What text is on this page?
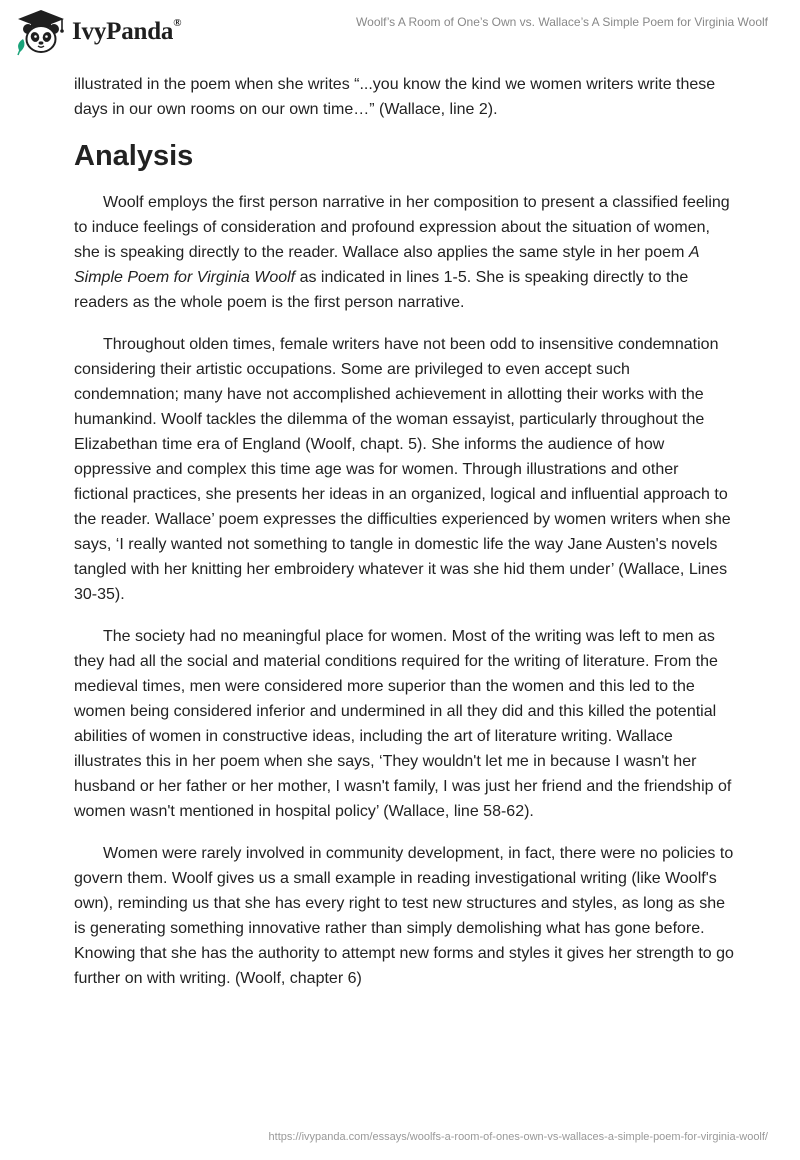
IvyPanda®	Woolf’s A Room of One’s Own vs. Wallace’s A Simple Poem for Virginia Woolf

illustrated in the poem when she writes “...you know the kind we women writers write these days in our own rooms on our own time…” (Wallace, line 2).

Analysis

Woolf employs the first person narrative in her composition to present a classified feeling to induce feelings of consideration and profound expression about the situation of women, she is speaking directly to the reader. Wallace also applies the same style in her poem A Simple Poem for Virginia Woolf as indicated in lines 1-5. She is speaking directly to the readers as the whole poem is the first person narrative.

Throughout olden times, female writers have not been odd to insensitive condemnation considering their artistic occupations. Some are privileged to even accept such condemnation; many have not accomplished achievement in allotting their works with the humankind. Woolf tackles the dilemma of the woman essayist, particularly throughout the Elizabethan time era of England (Woolf, chapt. 5). She informs the audience of how oppressive and complex this time age was for women. Through illustrations and other fictional practices, she presents her ideas in an organized, logical and influential approach to the reader. Wallace’ poem expresses the difficulties experienced by women writers when she says, ‘I really wanted not something to tangle in domestic life the way Jane Austen's novels tangled with her knitting her embroidery whatever it was she hid them under’ (Wallace, Lines 30-35).

The society had no meaningful place for women. Most of the writing was left to men as they had all the social and material conditions required for the writing of literature. From the medieval times, men were considered more superior than the women and this led to the women being considered inferior and undermined in all they did and this killed the potential abilities of women in constructive ideas, including the art of literature writing. Wallace illustrates this in her poem when she says, ‘They wouldn't let me in because I wasn't her husband or her father or her mother, I wasn't family, I was just her friend and the friendship of women wasn't mentioned in hospital policy’ (Wallace, line 58-62).

Women were rarely involved in community development, in fact, there were no policies to govern them. Woolf gives us a small example in reading investigational writing (like Woolf's own), reminding us that she has every right to test new structures and styles, as long as she is generating something innovative rather than simply demolishing what has gone before. Knowing that she has the authority to attempt new forms and styles it gives her strength to go further on with writing. (Woolf, chapter 6)

https://ivypanda.com/essays/woolfs-a-room-of-ones-own-vs-wallaces-a-simple-poem-for-virginia-woolf/
